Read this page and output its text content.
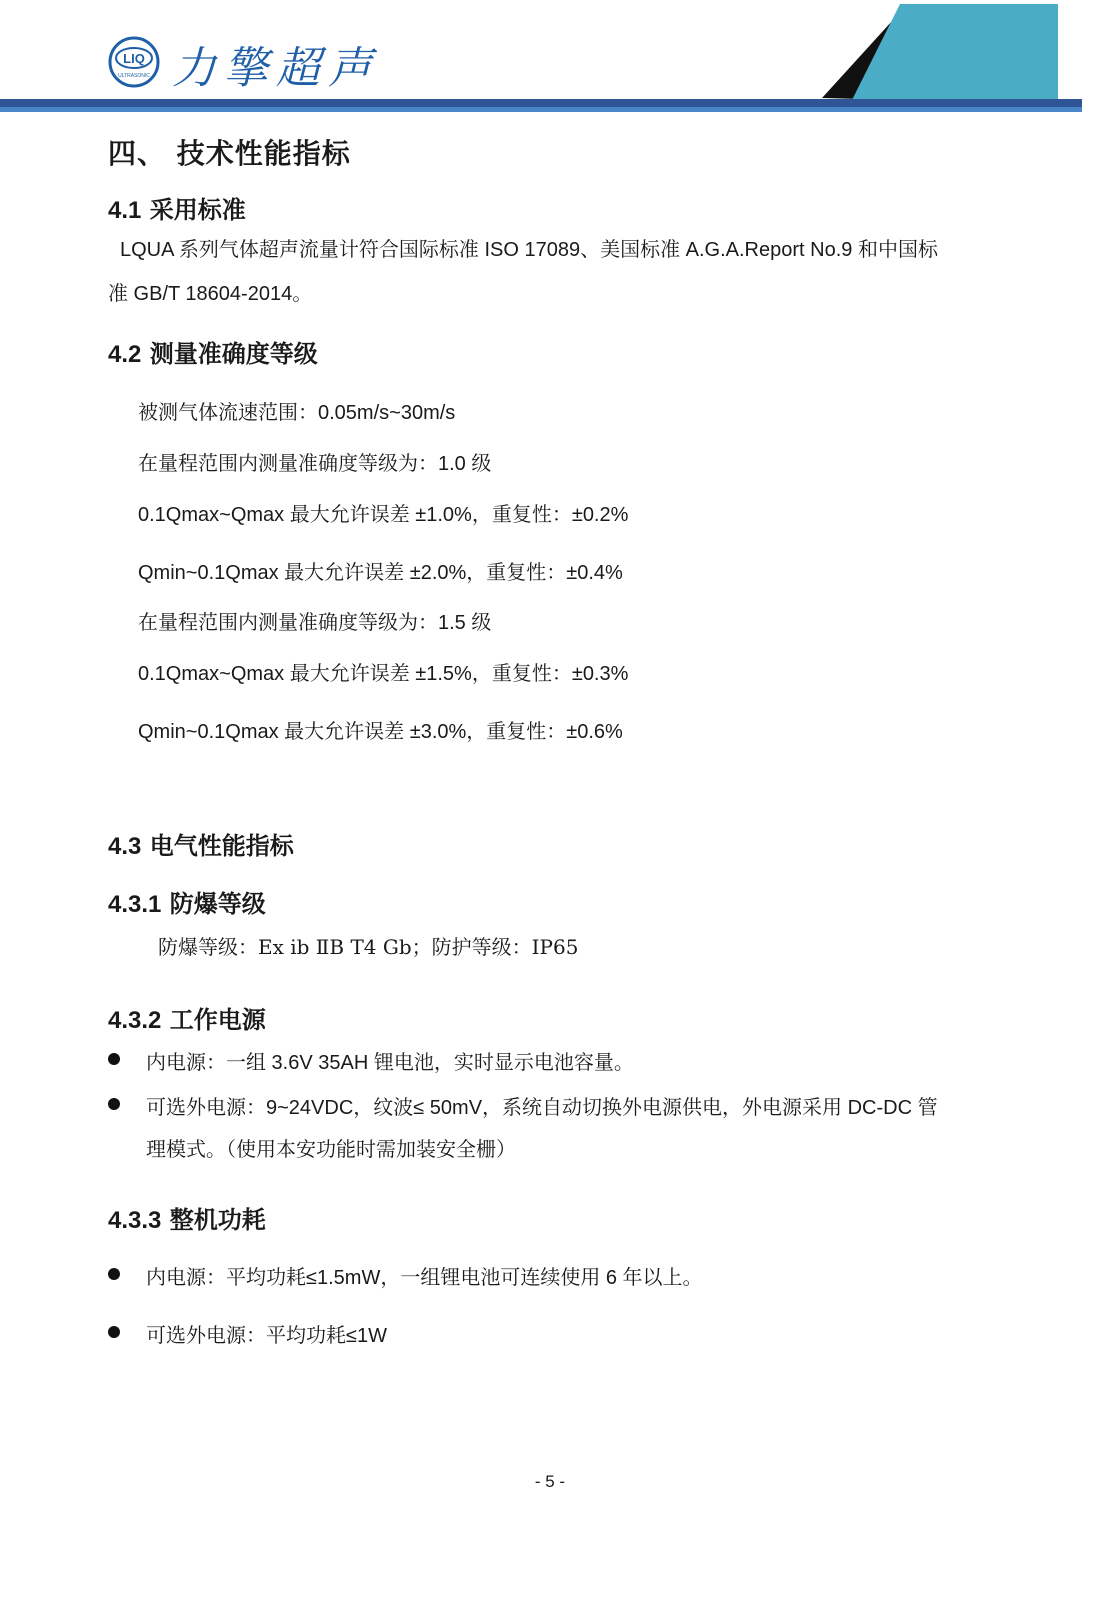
LIQ
ULTRASONIC 力擎超声
四、 技术性能指标
4.1 采用标准
LQUA 系列气体超声流量计符合国际标准 ISO 17089、美国标准 A.G.A.Report No.9 和中国标
准 GB/T 18604-2014。
4.2 测量准确度等级
被测气体流速范围：0.05m/s~30m/s
在量程范围内测量准确度等级为：1.0 级
0.1Qmax~Qmax 最大允许误差 ±1.0%，重复性：±0.2%
Qmin~0.1Qmax 最大允许误差 ±2.0%，重复性：±0.4%
在量程范围内测量准确度等级为：1.5 级
0.1Qmax~Qmax 最大允许误差 ±1.5%，重复性：±0.3%
Qmin~0.1Qmax 最大允许误差 ±3.0%，重复性：±0.6%
4.3 电气性能指标
4.3.1 防爆等级
防爆等级：Ex ib ⅡB T4 Gb；防护等级：IP65
4.3.2 工作电源
内电源：一组 3.6V 35AH 锂电池，实时显示电池容量。
可选外电源：9~24VDC，纹波≤ 50mV，系统自动切换外电源供电，外电源采用 DC-DC 管
理模式。（使用本安功能时需加装安全栅）
4.3.3 整机功耗
内电源：平均功耗≤1.5mW，一组锂电池可连续使用 6 年以上。
可选外电源：平均功耗≤1W
- 5 -
